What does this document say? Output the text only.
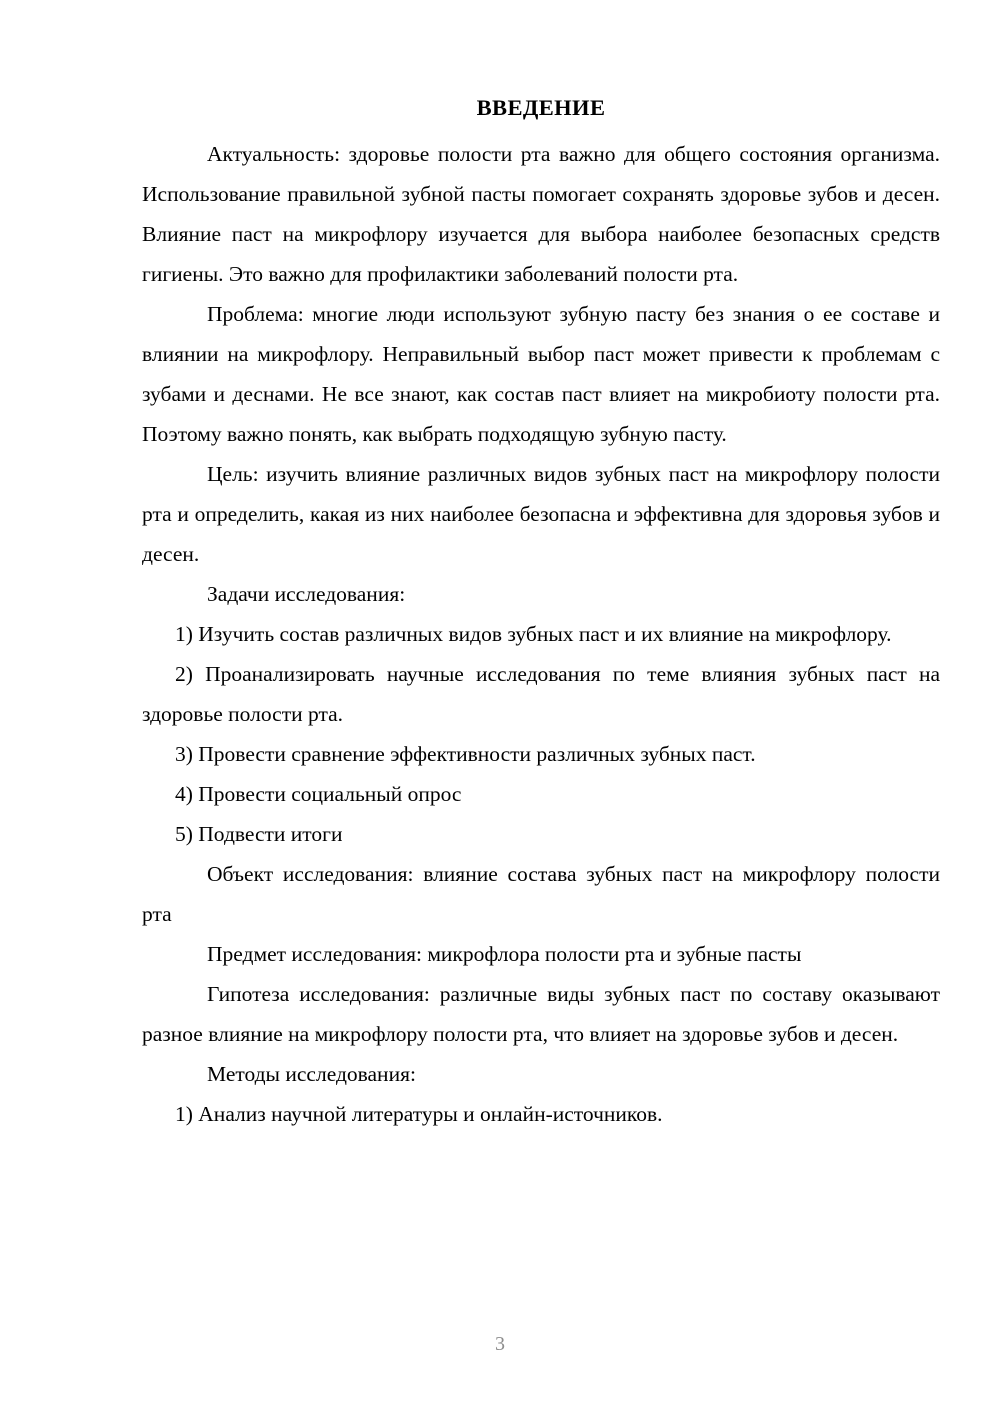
ВВЕДЕНИЕ

Актуальность: здоровье полости рта важно для общего состояния организма. Использование правильной зубной пасты помогает сохранять здоровье зубов и десен. Влияние паст на микрофлору изучается для выбора наиболее безопасных средств гигиены. Это важно для профилактики заболеваний полости рта.

Проблема: многие люди используют зубную пасту без знания о ее составе и влиянии на микрофлору. Неправильный выбор паст может привести к проблемам с зубами и деснами. Не все знают, как состав паст влияет на микробиоту полости рта. Поэтому важно понять, как выбрать подходящую зубную пасту.

Цель: изучить влияние различных видов зубных паст на микрофлору полости рта и определить, какая из них наиболее безопасна и эффективна для здоровья зубов и десен.

Задачи исследования:

1) Изучить состав различных видов зубных паст и их влияние на микрофлору.

2) Проанализировать научные исследования по теме влияния зубных паст на здоровье полости рта.

3) Провести сравнение эффективности различных зубных паст.

4) Провести социальный опрос

5) Подвести итоги

Объект исследования: влияние состава зубных паст на микрофлору полости рта

Предмет исследования: микрофлора полости рта и зубные пасты

Гипотеза исследования: различные виды зубных паст по составу оказывают разное влияние на микрофлору полости рта, что влияет на здоровье зубов и десен.

Методы исследования:

1) Анализ научной литературы и онлайн-источников.

3
